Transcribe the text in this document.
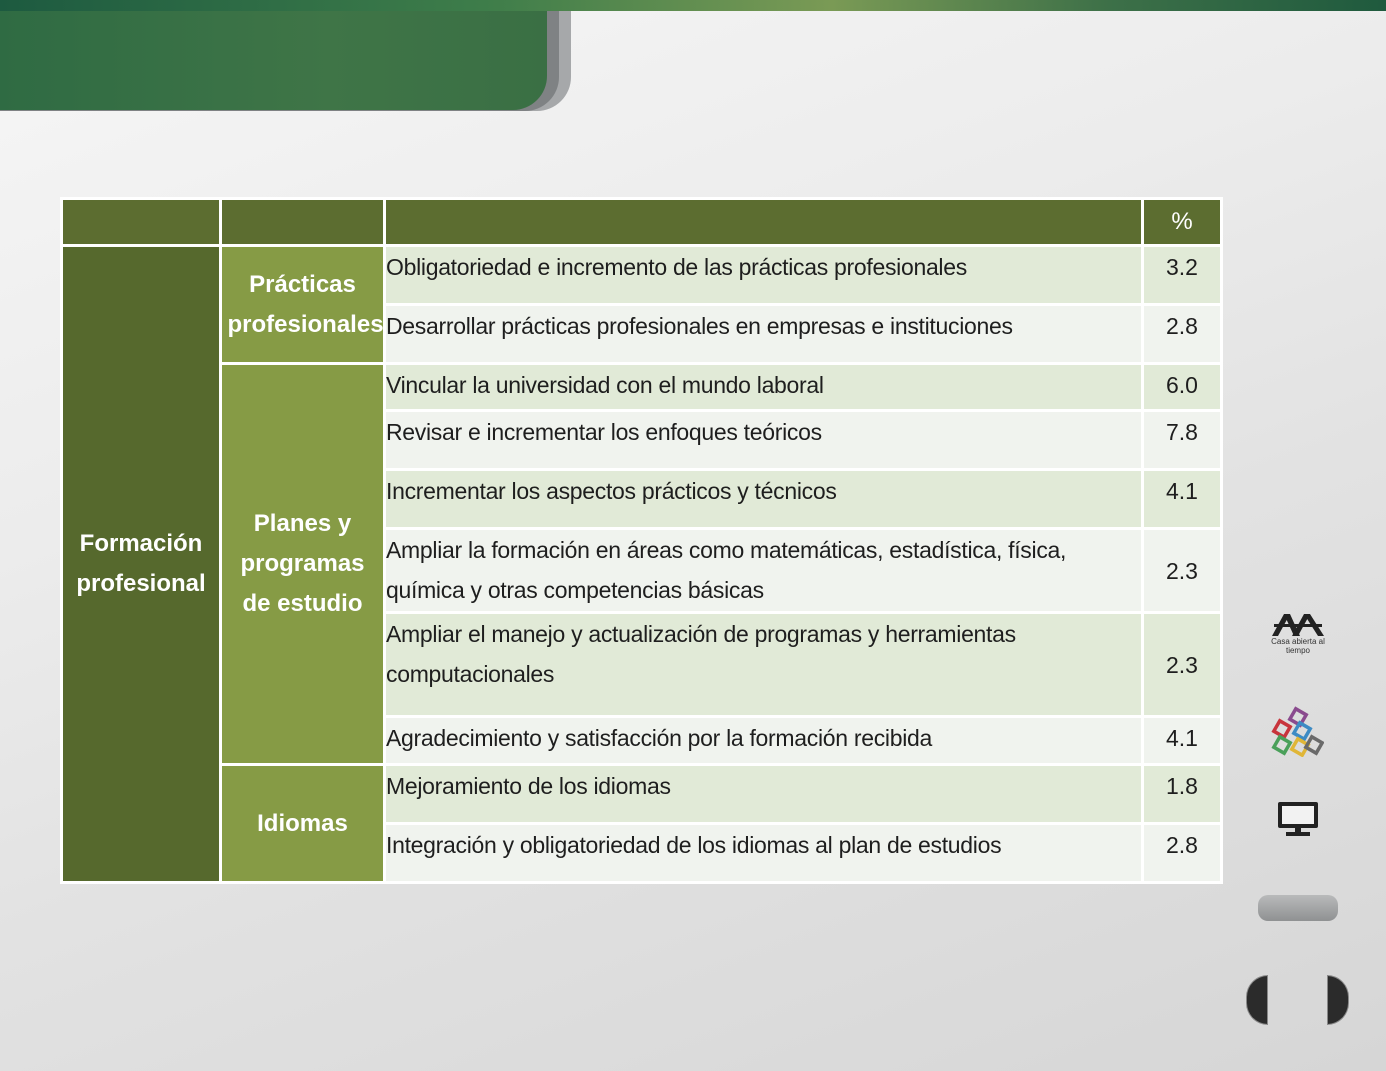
			%

Formación profesional	Prácticas profesionales	Obligatoriedad e incremento de las prácticas profesionales	3.2
		Desarrollar prácticas profesionales en empresas e instituciones	2.8

	Planes y programas de estudio	Vincular la universidad con el mundo laboral	6.0
		Revisar e incrementar los enfoques teóricos	7.8
		Incrementar los aspectos prácticos y técnicos	4.1
		Ampliar la formación en áreas como matemáticas, estadística, física, química y otras competencias básicas	2.3
		Ampliar el manejo y actualización de programas y herramientas computacionales	2.3
		Agradecimiento y satisfacción por la formación recibida	4.1

	Idiomas	Mejoramiento de los idiomas	1.8
		Integración y obligatoriedad de los idiomas al plan de estudios	2.8
Casa abierta al tiempo
